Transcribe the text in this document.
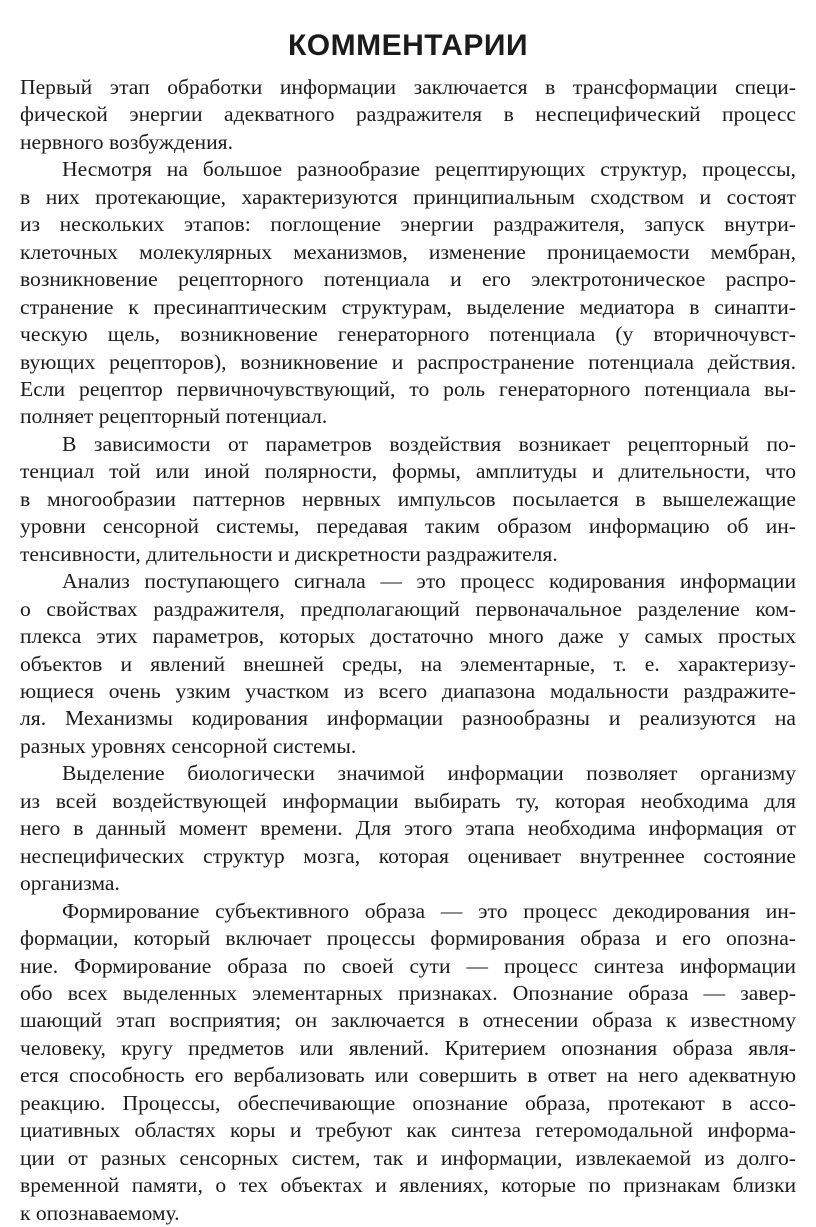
КОММЕНТАРИИ

Первый этап обработки информации заключается в трансформации специ-
фической энергии адекватного раздражителя в неспецифический процесс
нервного возбуждения.

Несмотря на большое разнообразие рецептирующих структур, процессы,
в них протекающие, характеризуются принципиальным сходством и состоят
из нескольких этапов: поглощение энергии раздражителя, запуск внутри-
клеточных молекулярных механизмов, изменение проницаемости мембран,
возникновение рецепторного потенциала и его электротоническое распро-
странение к пресинаптическим структурам, выделение медиатора в синапти-
ческую щель, возникновение генераторного потенциала (у вторичночувст-
вующих рецепторов), возникновение и распространение потенциала действия.
Если рецептор первичночувствующий, то роль генераторного потенциала вы-
полняет рецепторный потенциал.

В зависимости от параметров воздействия возникает рецепторный по-
тенциал той или иной полярности, формы, амплитуды и длительности, что
в многообразии паттернов нервных импульсов посылается в вышележащие
уровни сенсорной системы, передавая таким образом информацию об ин-
тенсивности, длительности и дискретности раздражителя.

Анализ поступающего сигнала — это процесс кодирования информации
о свойствах раздражителя, предполагающий первоначальное разделение ком-
плекса этих параметров, которых достаточно много даже у самых простых
объектов и явлений внешней среды, на элементарные, т. е. характеризу-
ющиеся очень узким участком из всего диапазона модальности раздражите-
ля. Механизмы кодирования информации разнообразны и реализуются на
разных уровнях сенсорной системы.

Выделение биологически значимой информации позволяет организму
из всей воздействующей информации выбирать ту, которая необходима для
него в данный момент времени. Для этого этапа необходима информация от
неспецифических структур мозга, которая оценивает внутреннее состояние
организма.

Формирование субъективного образа — это процесс декодирования ин-
формации, который включает процессы формирования образа и его опозна-
ние. Формирование образа по своей сути — процесс синтеза информации
обо всех выделенных элементарных признаках. Опознание образа — завер-
шающий этап восприятия; он заключается в отнесении образа к известному
человеку, кругу предметов или явлений. Критерием опознания образа явля-
ется способность его вербализовать или совершить в ответ на него адекватную
реакцию. Процессы, обеспечивающие опознание образа, протекают в ассо-
циативных областях коры и требуют как синтеза гетеромодальной информа-
ции от разных сенсорных систем, так и информации, извлекаемой из долго-
временной памяти, о тех объектах и явлениях, которые по признакам близки
к опознаваемому.
